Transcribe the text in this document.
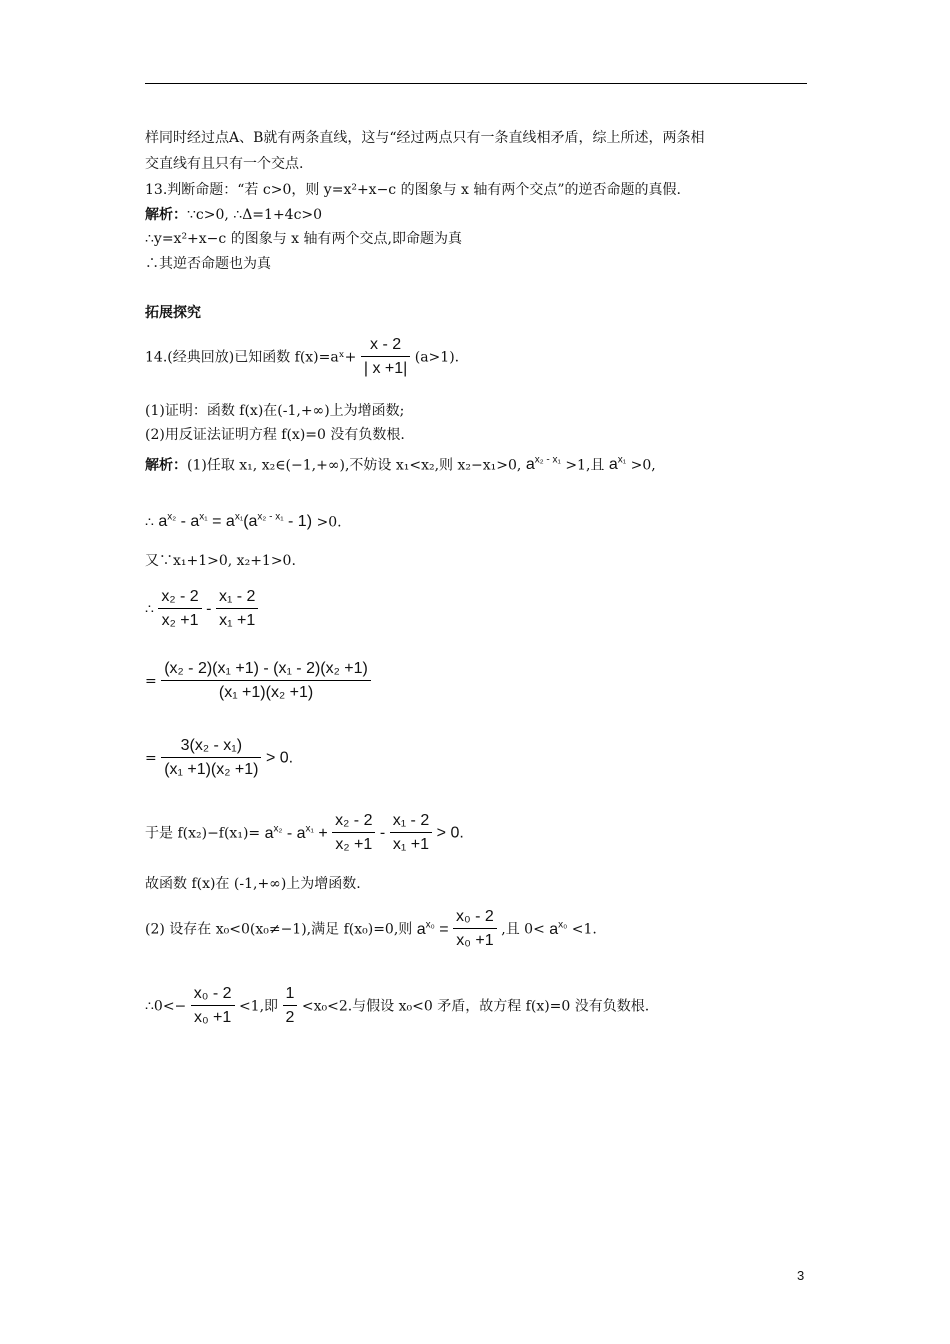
样同时经过点A、B就有两条直线，这与“经过两点只有一条直线相矛盾，综上所述，两条相
交直线有且只有一个交点.
13.判断命题：“若 c>0，则 y=x²+x−c 的图象与 x 轴有两个交点”的逆否命题的真假.
解析：∵c>0, ∴Δ=1+4c>0
∴y=x²+x−c 的图象与 x 轴有两个交点,即命题为真
∴其逆否命题也为真
拓展探究
14.(经典回放)已知函数 f(x)=aˣ+ $\frac{x - 2}{| x +1|} (a>1)$.
(1)证明：函数 f(x)在(-1,+∞)上为增函数;
(2)用反证法证明方程 f(x)=0 没有负数根.
解析：(1)任取 x₁, x₂∈(−1,+∞),不妨设 x₁<x₂,则 x₂−x₁>0, $a^{x_2 - x_1} >1$,且 $a^{x_1} >0$,
∴ $a^{x_2} - a^{x_1} = a^{x_1}(a^{x_2 - x_1} - 1) >0$.
又∵x₁+1>0, x₂+1>0.
∴ $\frac{\text{x₂ - 2}}{\text{x₂ +1}} - \frac{\text{x₁ - 2}}{\text{x₁ +1}}$
= $\frac{\text{(x₂ - 2)(x₁ +1) - (x₁ - 2)(x₂ +1)}}{\text{(x₁ +1)(x₂ +1)}}$
= $\frac{\text{3(x₂ - x₁)}}{\text{(x₁ +1)(x₂ +1)}} > 0$.
于是 $f(x_2)-f(x_1)= a^{x_2} - a^{x_1} + \frac{\text{x₂ - 2}}{\text{x₂ +1}} - \frac{\text{x₁ - 2}}{\text{x₁ +1}} > 0$.
故函数 f(x)在 (-1,+∞)上为增函数.
(2) 设存在 x₀<0(x₀≠−1),满足 f(x₀)=0,则 $a^{x_0} = \frac{\text{x₀ - 2}}{\text{x₀ +1}}$ ,且 $0< a^{x_0} <1$.
∴0<− $\frac{\text{x₀ - 2}}{\text{x₀ +1}} <1$,即 $\frac{1}{2} <x_0<2$.与假设 x₀<0 矛盾，故方程 f(x)=0 没有负数根.
3
